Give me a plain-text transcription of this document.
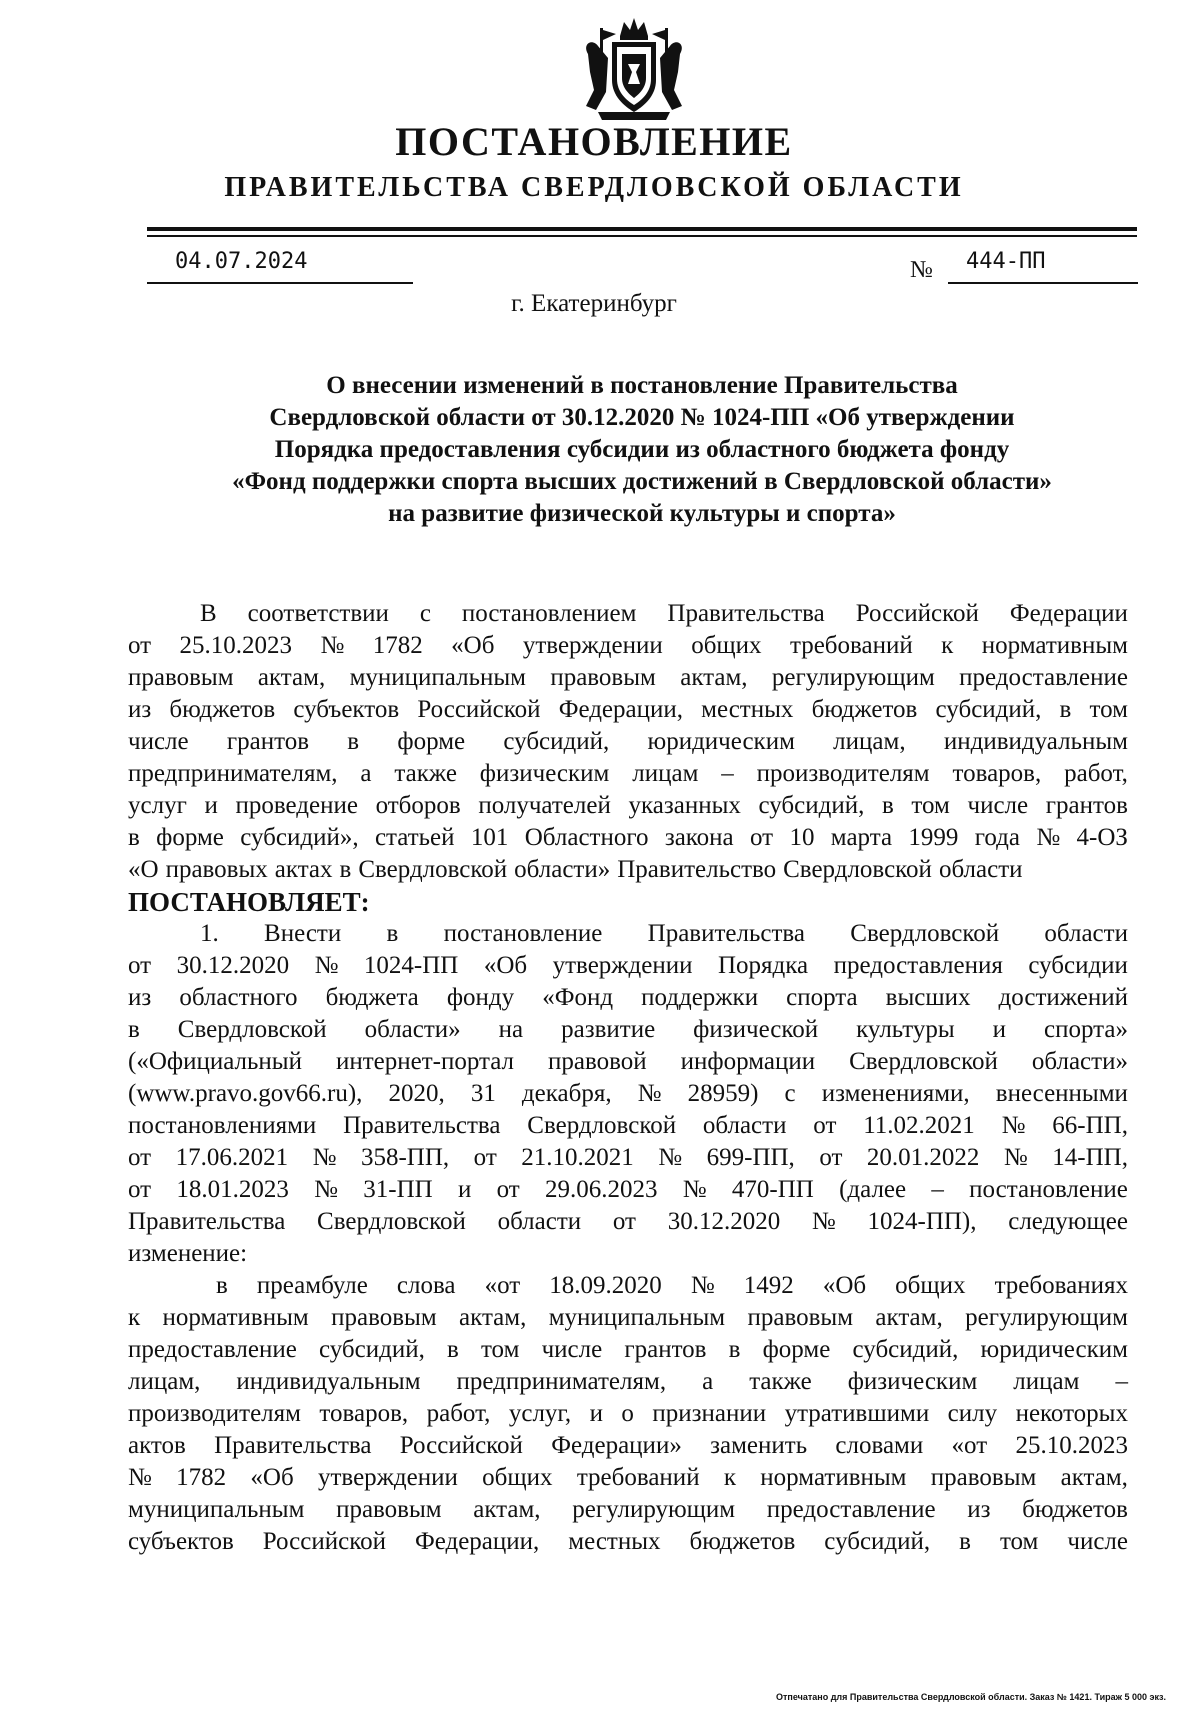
ПОСТАНОВЛЕНИЕ
ПРАВИТЕЛЬСТВА СВЕРДЛОВСКОЙ ОБЛАСТИ
04.07.2024	№ 444-ПП
г. Екатеринбург
О внесении изменений в постановление Правительства
Свердловской области от 30.12.2020 № 1024-ПП «Об утверждении
Порядка предоставления субсидии из областного бюджета фонду
«Фонд поддержки спорта высших достижений в Свердловской области»
на развитие физической культуры и спорта»
В соответствии с постановлением Правительства Российской Федерации
от 25.10.2023 № 1782 «Об утверждении общих требований к нормативным
правовым актам, муниципальным правовым актам, регулирующим предоставление
из бюджетов субъектов Российской Федерации, местных бюджетов субсидий, в том
числе грантов в форме субсидий, юридическим лицам, индивидуальным
предпринимателям, а также физическим лицам – производителям товаров, работ,
услуг и проведение отборов получателей указанных субсидий, в том числе грантов
в форме субсидий», статьей 101 Областного закона от 10 марта 1999 года № 4-ОЗ
«О правовых актах в Свердловской области» Правительство Свердловской области
ПОСТАНОВЛЯЕТ:
1. Внести в постановление Правительства Свердловской области
от 30.12.2020 № 1024-ПП «Об утверждении Порядка предоставления субсидии
из областного бюджета фонду «Фонд поддержки спорта высших достижений
в Свердловской области» на развитие физической культуры и спорта»
(«Официальный интернет-портал правовой информации Свердловской области»
(www.pravo.gov66.ru), 2020, 31 декабря, № 28959) с изменениями, внесенными
постановлениями Правительства Свердловской области от 11.02.2021 № 66-ПП,
от 17.06.2021 № 358-ПП, от 21.10.2021 № 699-ПП, от 20.01.2022 № 14-ПП,
от 18.01.2023 № 31-ПП и от 29.06.2023 № 470-ПП (далее – постановление
Правительства Свердловской области от 30.12.2020 № 1024-ПП), следующее
изменение:
в преамбуле слова «от 18.09.2020 № 1492 «Об общих требованиях
к нормативным правовым актам, муниципальным правовым актам, регулирующим
предоставление субсидий, в том числе грантов в форме субсидий, юридическим
лицам, индивидуальным предпринимателям, а также физическим лицам –
производителям товаров, работ, услуг, и о признании утратившими силу некоторых
актов Правительства Российской Федерации» заменить словами «от 25.10.2023
№ 1782 «Об утверждении общих требований к нормативным правовым актам,
муниципальным правовым актам, регулирующим предоставление из бюджетов
субъектов Российской Федерации, местных бюджетов субсидий, в том числе
Отпечатано для Правительства Свердловской области. Заказ № 1421. Тираж 5 000 экз.
